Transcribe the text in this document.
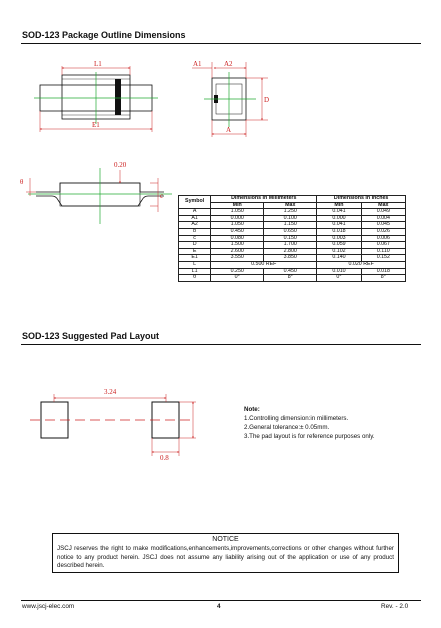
SOD-123 Package Outline Dimensions
L1
E1
A1	A2
D
A
c
θ
0.20
3.24
0.8
Symbol	Dimensions In Millimeters		Dimensions In Inches	
	Min	Max	Min	Max
A	1.050	1.250	0.041	0.049
A1	0.000	0.100	0.000	0.004
A2	1.050	1.150	0.041	0.045
b	0.450	0.650	0.018	0.026
c	0.080	0.150	0.003	0.006
D	1.500	1.700	0.059	0.067
E	2.600	2.800	0.102	0.110
E1	3.550	3.850	0.140	0.152
L	0.500 REF		0.020 REF	
L1	0.250	0.450	0.010	0.018
θ	0°	8°	0°	8°
SOD-123 Suggested Pad Layout
Note:
1.Controlling dimension:in millimeters.
2.General tolerance:± 0.05mm.
3.The pad layout is for reference purposes only.
NOTICE
JSCJ reserves the right to make modifications,enhancements,improvements,corrections or other changes without further notice to any product herein. JSCJ does not assume any liability arising out of the application or use of any product described herein.
www.jscj-elec.com	4	Rev. - 2.0
